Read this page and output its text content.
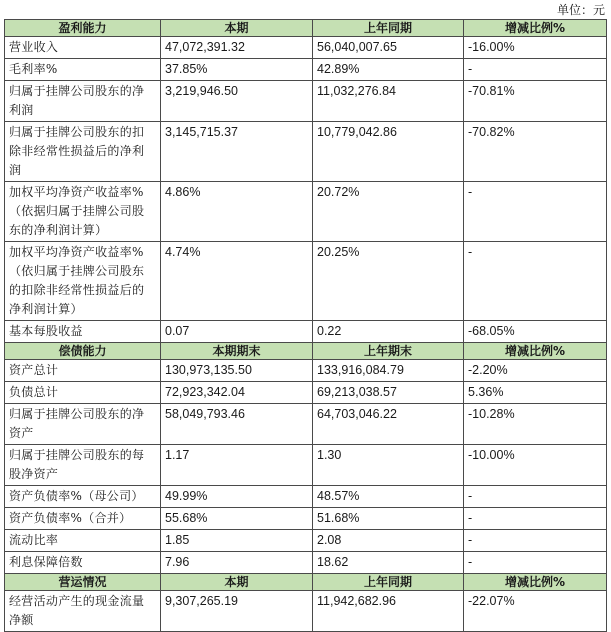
单位：元
盈利能力	本期	上年同期	增减比例%
营业收入	47,072,391.32	56,040,007.65	-16.00%
毛利率%	37.85%	42.89%	-
归属于挂牌公司股东的净利润	3,219,946.50	11,032,276.84	-70.81%
归属于挂牌公司股东的扣除非经常性损益后的净利润	3,145,715.37	10,779,042.86	-70.82%
加权平均净资产收益率%（依据归属于挂牌公司股东的净利润计算）	4.86%	20.72%	-
加权平均净资产收益率%（依归属于挂牌公司股东的扣除非经常性损益后的净利润计算）	4.74%	20.25%	-
基本每股收益	0.07	0.22	-68.05%
偿债能力	本期期末	上年期末	增减比例%
资产总计	130,973,135.50	133,916,084.79	-2.20%
负债总计	72,923,342.04	69,213,038.57	5.36%
归属于挂牌公司股东的净资产	58,049,793.46	64,703,046.22	-10.28%
归属于挂牌公司股东的每股净资产	1.17	1.30	-10.00%
资产负债率%（母公司）	49.99%	48.57%	-
资产负债率%（合并）	55.68%	51.68%	-
流动比率	1.85	2.08	-
利息保障倍数	7.96	18.62	-
营运情况	本期	上年同期	增减比例%
经营活动产生的现金流量净额	9,307,265.19	11,942,682.96	-22.07%
